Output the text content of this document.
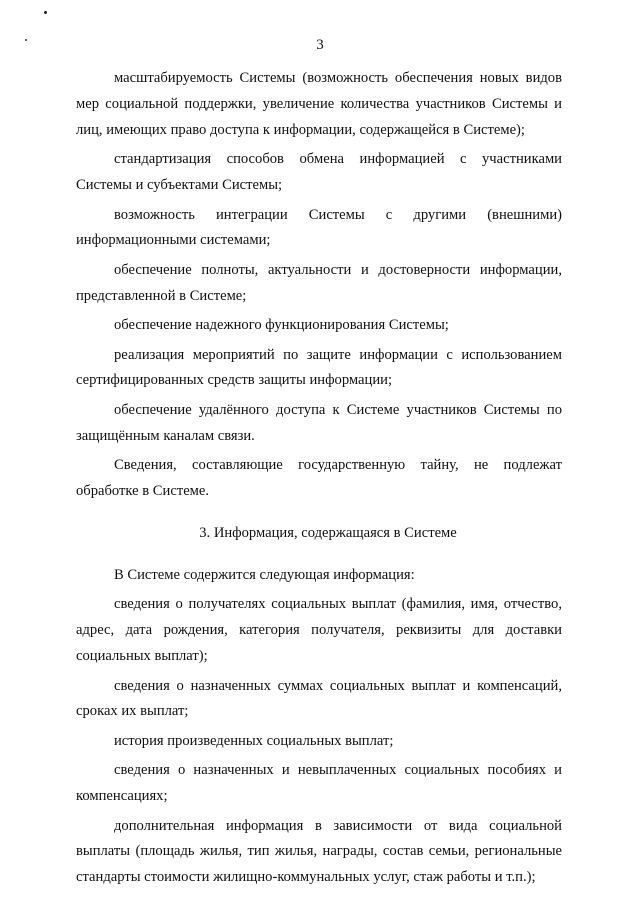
3

масштабируемость Системы (возможность обеспечения новых видов мер социальной поддержки, увеличение количества участников Системы и лиц, имеющих право доступа к информации, содержащейся в Системе);

стандартизация способов обмена информацией с участниками Системы и субъектами Системы;

возможность интеграции Системы с другими (внешними) информационными системами;

обеспечение полноты, актуальности и достоверности информации, представленной в Системе;

обеспечение надежного функционирования Системы;

реализация мероприятий по защите информации с использованием сертифицированных средств защиты информации;

обеспечение удалённого доступа к Системе участников Системы по защищённым каналам связи.

Сведения, составляющие государственную тайну, не подлежат обработке в Системе.

3. Информация, содержащаяся в Системе

В Системе содержится следующая информация:

сведения о получателях социальных выплат (фамилия, имя, отчество, адрес, дата рождения, категория получателя, реквизиты для доставки социальных выплат);

сведения о назначенных суммах социальных выплат и компенсаций, сроках их выплат;

история произведенных социальных выплат;

сведения о назначенных и невыплаченных социальных пособиях и компенсациях;

дополнительная информация в зависимости от вида социальной выплаты (площадь жилья, тип жилья, награды, состав семьи, региональные стандарты стоимости жилищно-коммунальных услуг, стаж работы и т.п.);
